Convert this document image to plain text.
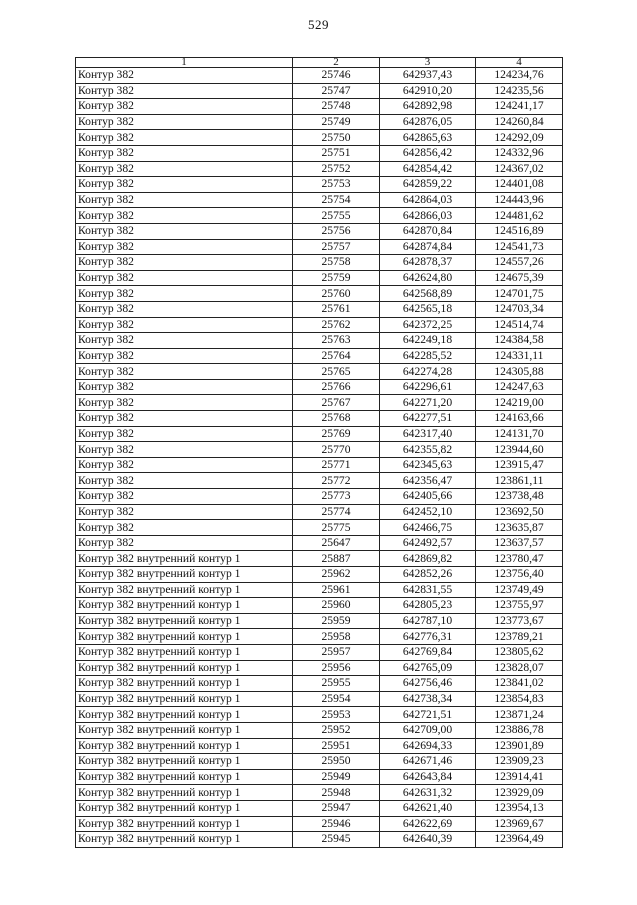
529
1	2	3	4
Контур 382	25746	642937,43	124234,76
Контур 382	25747	642910,20	124235,56
Контур 382	25748	642892,98	124241,17
Контур 382	25749	642876,05	124260,84
Контур 382	25750	642865,63	124292,09
Контур 382	25751	642856,42	124332,96
Контур 382	25752	642854,42	124367,02
Контур 382	25753	642859,22	124401,08
Контур 382	25754	642864,03	124443,96
Контур 382	25755	642866,03	124481,62
Контур 382	25756	642870,84	124516,89
Контур 382	25757	642874,84	124541,73
Контур 382	25758	642878,37	124557,26
Контур 382	25759	642624,80	124675,39
Контур 382	25760	642568,89	124701,75
Контур 382	25761	642565,18	124703,34
Контур 382	25762	642372,25	124514,74
Контур 382	25763	642249,18	124384,58
Контур 382	25764	642285,52	124331,11
Контур 382	25765	642274,28	124305,88
Контур 382	25766	642296,61	124247,63
Контур 382	25767	642271,20	124219,00
Контур 382	25768	642277,51	124163,66
Контур 382	25769	642317,40	124131,70
Контур 382	25770	642355,82	123944,60
Контур 382	25771	642345,63	123915,47
Контур 382	25772	642356,47	123861,11
Контур 382	25773	642405,66	123738,48
Контур 382	25774	642452,10	123692,50
Контур 382	25775	642466,75	123635,87
Контур 382	25647	642492,57	123637,57
Контур 382 внутренний контур 1	25887	642869,82	123780,47
Контур 382 внутренний контур 1	25962	642852,26	123756,40
Контур 382 внутренний контур 1	25961	642831,55	123749,49
Контур 382 внутренний контур 1	25960	642805,23	123755,97
Контур 382 внутренний контур 1	25959	642787,10	123773,67
Контур 382 внутренний контур 1	25958	642776,31	123789,21
Контур 382 внутренний контур 1	25957	642769,84	123805,62
Контур 382 внутренний контур 1	25956	642765,09	123828,07
Контур 382 внутренний контур 1	25955	642756,46	123841,02
Контур 382 внутренний контур 1	25954	642738,34	123854,83
Контур 382 внутренний контур 1	25953	642721,51	123871,24
Контур 382 внутренний контур 1	25952	642709,00	123886,78
Контур 382 внутренний контур 1	25951	642694,33	123901,89
Контур 382 внутренний контур 1	25950	642671,46	123909,23
Контур 382 внутренний контур 1	25949	642643,84	123914,41
Контур 382 внутренний контур 1	25948	642631,32	123929,09
Контур 382 внутренний контур 1	25947	642621,40	123954,13
Контур 382 внутренний контур 1	25946	642622,69	123969,67
Контур 382 внутренний контур 1	25945	642640,39	123964,49
